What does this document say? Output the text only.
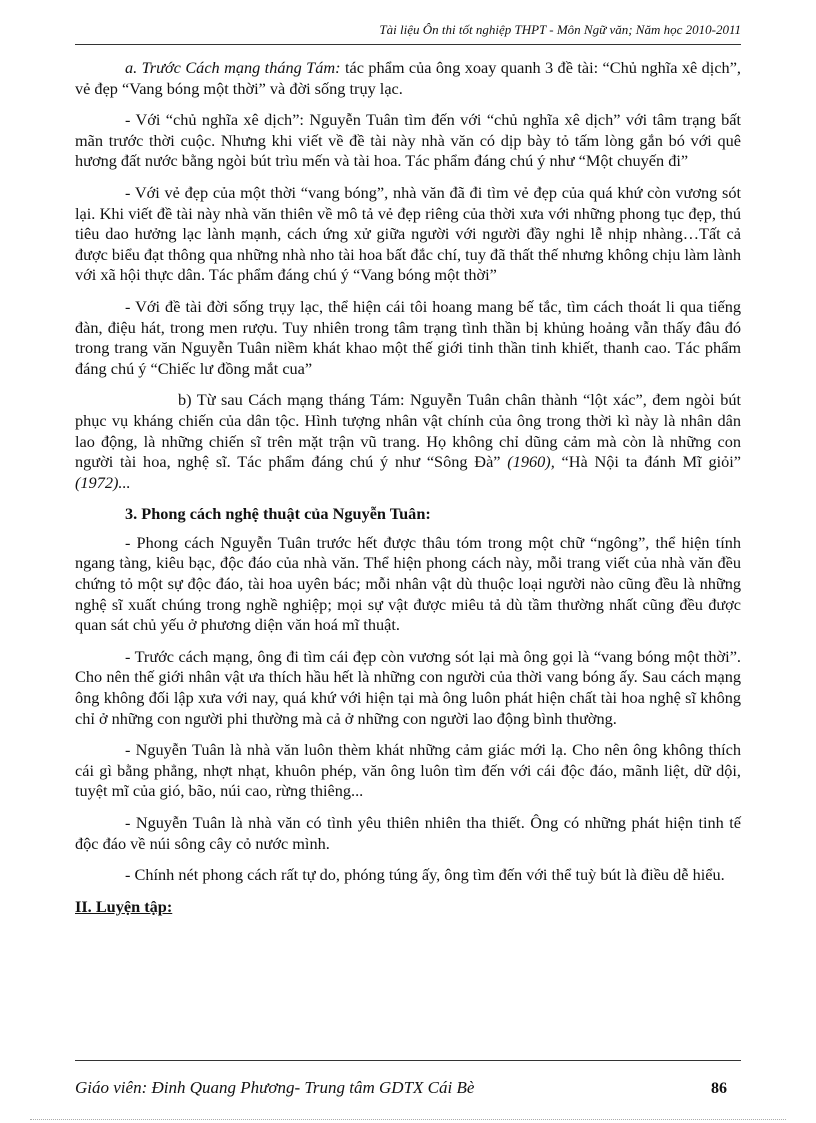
Tài liệu Ôn thi tốt nghiệp THPT - Môn Ngữ văn; Năm học 2010-2011

a. Trước Cách mạng tháng Tám: tác phẩm của ông xoay quanh 3 đề tài: “Chủ nghĩa xê dịch”, vẻ đẹp “Vang bóng một thời” và đời sống trụy lạc.

- Với “chủ nghĩa xê dịch”: Nguyễn Tuân tìm đến với “chủ nghĩa xê dịch” với tâm trạng bất mãn trước thời cuộc. Nhưng khi viết về đề tài này nhà văn có dịp bày tỏ tấm lòng gắn bó với quê hương đất nước bằng ngòi bút trìu mến và tài hoa. Tác phẩm đáng chú ý như “Một chuyến đi”

- Với vẻ đẹp của một thời “vang bóng”, nhà văn đã đi tìm vẻ đẹp của quá khứ còn vương sót lại. Khi viết đề tài này nhà văn thiên về mô tả vẻ đẹp riêng của thời xưa với những phong tục đẹp, thú tiêu dao hưởng lạc lành mạnh, cách ứng xử giữa người với người đầy nghi lễ nhịp nhàng…Tất cả được biểu đạt thông qua những nhà nho tài hoa bất đắc chí, tuy đã thất thế nhưng không chịu làm lành với xã hội thực dân. Tác phẩm đáng chú ý “Vang bóng một thời”

- Với đề tài đời sống trụy lạc, thể hiện cái tôi hoang mang bế tắc, tìm cách thoát li qua tiếng đàn, điệu hát, trong men rượu. Tuy nhiên trong tâm trạng tình thần bị khủng hoảng vẫn thấy đâu đó trong trang văn Nguyễn Tuân niềm khát khao một thế giới tinh thần tinh khiết, thanh cao. Tác phẩm đáng chú ý “Chiếc lư đồng mắt cua”

b) Từ sau Cách mạng tháng Tám: Nguyễn Tuân chân thành “lột xác”, đem ngòi bút phục vụ kháng chiến của dân tộc. Hình tượng nhân vật chính của ông trong thời kì này là nhân dân lao động, là những chiến sĩ trên mặt trận vũ trang. Họ không chỉ dũng cảm mà còn là những con người tài hoa, nghệ sĩ. Tác phẩm đáng chú ý như “Sông Đà” (1960), “Hà Nội ta đánh Mĩ giỏi” (1972)...

3. Phong cách nghệ thuật của Nguyễn Tuân:

- Phong cách Nguyễn Tuân trước hết được thâu tóm trong một chữ “ngông”, thể hiện tính ngang tàng, kiêu bạc, độc đáo của nhà văn. Thể hiện phong cách này, mỗi trang viết của nhà văn đều chứng tỏ một sự độc đáo, tài hoa uyên bác; mỗi nhân vật dù thuộc loại người nào cũng đều là những nghệ sĩ xuất chúng trong nghề nghiệp; mọi sự vật được miêu tả dù tầm thường nhất cũng đều được quan sát chủ yếu ở phương diện văn hoá mĩ thuật.

- Trước cách mạng, ông đi tìm cái đẹp còn vương sót lại mà ông gọi là “vang bóng một thời”. Cho nên thế giới nhân vật ưa thích hầu hết là những con người của thời vang bóng ấy. Sau cách mạng ông không đối lập xưa với nay, quá khứ với hiện tại mà ông luôn phát hiện chất tài hoa nghệ sĩ không chỉ ở những con người phi thường mà cả ở những con người lao động bình thường.

- Nguyễn Tuân là nhà văn luôn thèm khát những cảm giác mới lạ. Cho nên ông không thích cái gì bằng phẳng, nhợt nhạt, khuôn phép, văn ông luôn tìm đến với cái độc đáo, mãnh liệt, dữ dội, tuyệt mĩ của gió, bão, núi cao, rừng thiêng...

- Nguyễn Tuân là nhà văn có tình yêu thiên nhiên tha thiết. Ông có những phát hiện tinh tế độc đáo về núi sông cây cỏ nước mình.

- Chính nét phong cách rất tự do, phóng túng ấy, ông tìm đến với thể tuỳ bút là điều dễ hiểu.

II. Luyện tập:

Giáo viên: Đinh Quang Phương- Trung tâm GDTX Cái Bè	86
